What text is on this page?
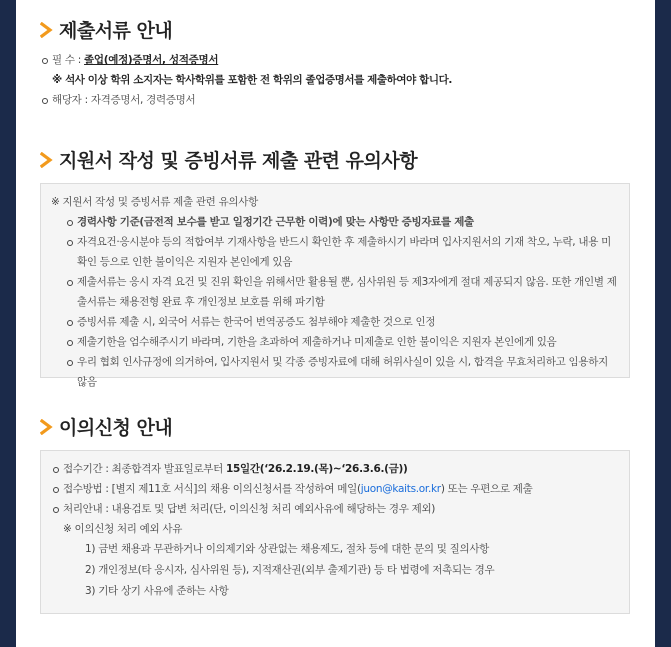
제출서류 안내
필 수 : 졸업(예정)증명서, 성적증명서
※ 석사 이상 학위 소지자는 학사학위를 포함한 전 학위의 졸업증명서를 제출하여야 합니다.
해당자 : 자격증명서, 경력증명서
지원서 작성 및 증빙서류 제출 관련 유의사항
※ 지원서 작성 및 증빙서류 제출 관련 유의사항
경력사항 기준(금전적 보수를 받고 일정기간 근무한 이력)에 맞는 사항만 증빙자료를 제출
자격요건·응시분야 등의 적합여부 기재사항을 반드시 확인한 후 제출하시기 바라며 입사지원서의 기재 착오, 누락, 내용 미확인 등으로 인한 불이익은 지원자 본인에게 있음
제출서류는 응시 자격 요건 및 진위 확인을 위해서만 활용될 뿐, 심사위원 등 제3자에게 절대 제공되지 않음. 또한 개인별 제출서류는 채용전형 완료 후 개인정보 보호를 위해 파기함
증빙서류 제출 시, 외국어 서류는 한국어 번역공증도 첨부해야 제출한 것으로 인정
제출기한을 엄수해주시기 바라며, 기한을 초과하여 제출하거나 미제출로 인한 불이익은 지원자 본인에게 있음
우리 협회 인사규정에 의거하여, 입사지원서 및 각종 증빙자료에 대해 허위사실이 있을 시, 합격을 무효처리하고 임용하지 않음
이의신청 안내
접수기간 : 최종합격자 발표일로부터 15일간(‘26.2.19.(목)~‘26.3.6.(금))
접수방법 : [별지 제11호 서식]의 채용 이의신청서를 작성하여 메일(juon@kaits.or.kr) 또는 우편으로 제출
처리안내 : 내용검토 및 답변 처리(단, 이의신청 처리 예외사유에 해당하는 경우 제외)
※ 이의신청 처리 예외 사유
1) 금번 채용과 무관하거나 이의제기와 상관없는 채용제도, 절차 등에 대한 문의 및 질의사항
2) 개인정보(타 응시자, 심사위원 등), 지적재산권(외부 출제기관) 등 타 법령에 저촉되는 경우
3) 기타 상기 사유에 준하는 사항
